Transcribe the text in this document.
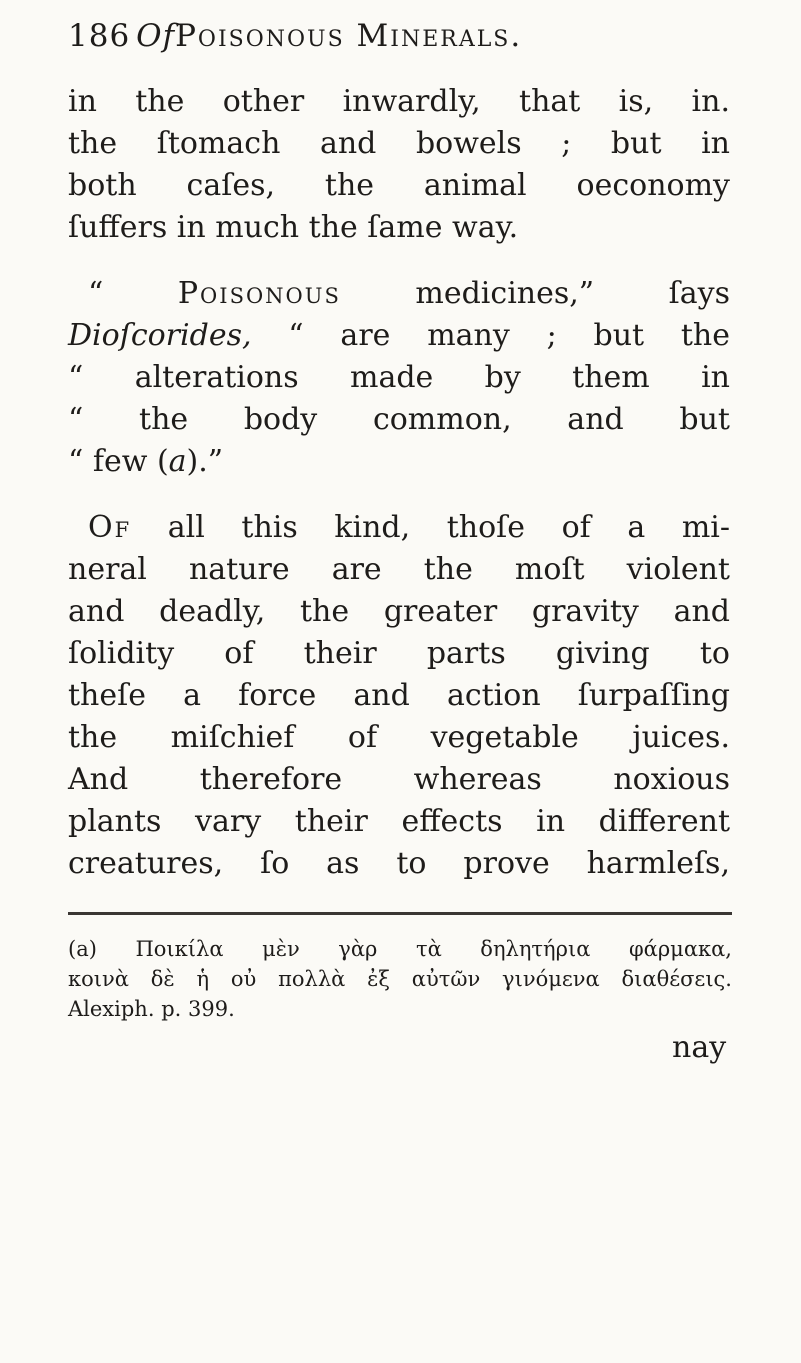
186 OfPoisonous Minerals.
in the other inwardly, that is, in.
the ſtomach and bowels ; but in
both caſes, the animal oeconomy
ſuffers in much the ſame way.
“ Poisonous medicines,” ſays
Dioſcorides, “ are many ; but the
“ alterations made by them in
“ the body common, and but
“ few (a).”
Of all this kind, thoſe of a mi-
neral nature are the moſt violent
and deadly, the greater gravity and
ſolidity of their parts giving to
theſe a force and action ſurpaſſing
the miſchief of vegetable juices.
And therefore whereas noxious
plants vary their effects in different
creatures, ſo as to prove harmleſs,
(a) Ποικίλα μὲν γὰρ τὰ δηλητήρια φάρμακα,
κοινὰ δὲ ἡ οὐ πολλὰ ἐξ αὐτῶν γινόμενα διαθέσεις.
Alexiph. p. 399.
nay
